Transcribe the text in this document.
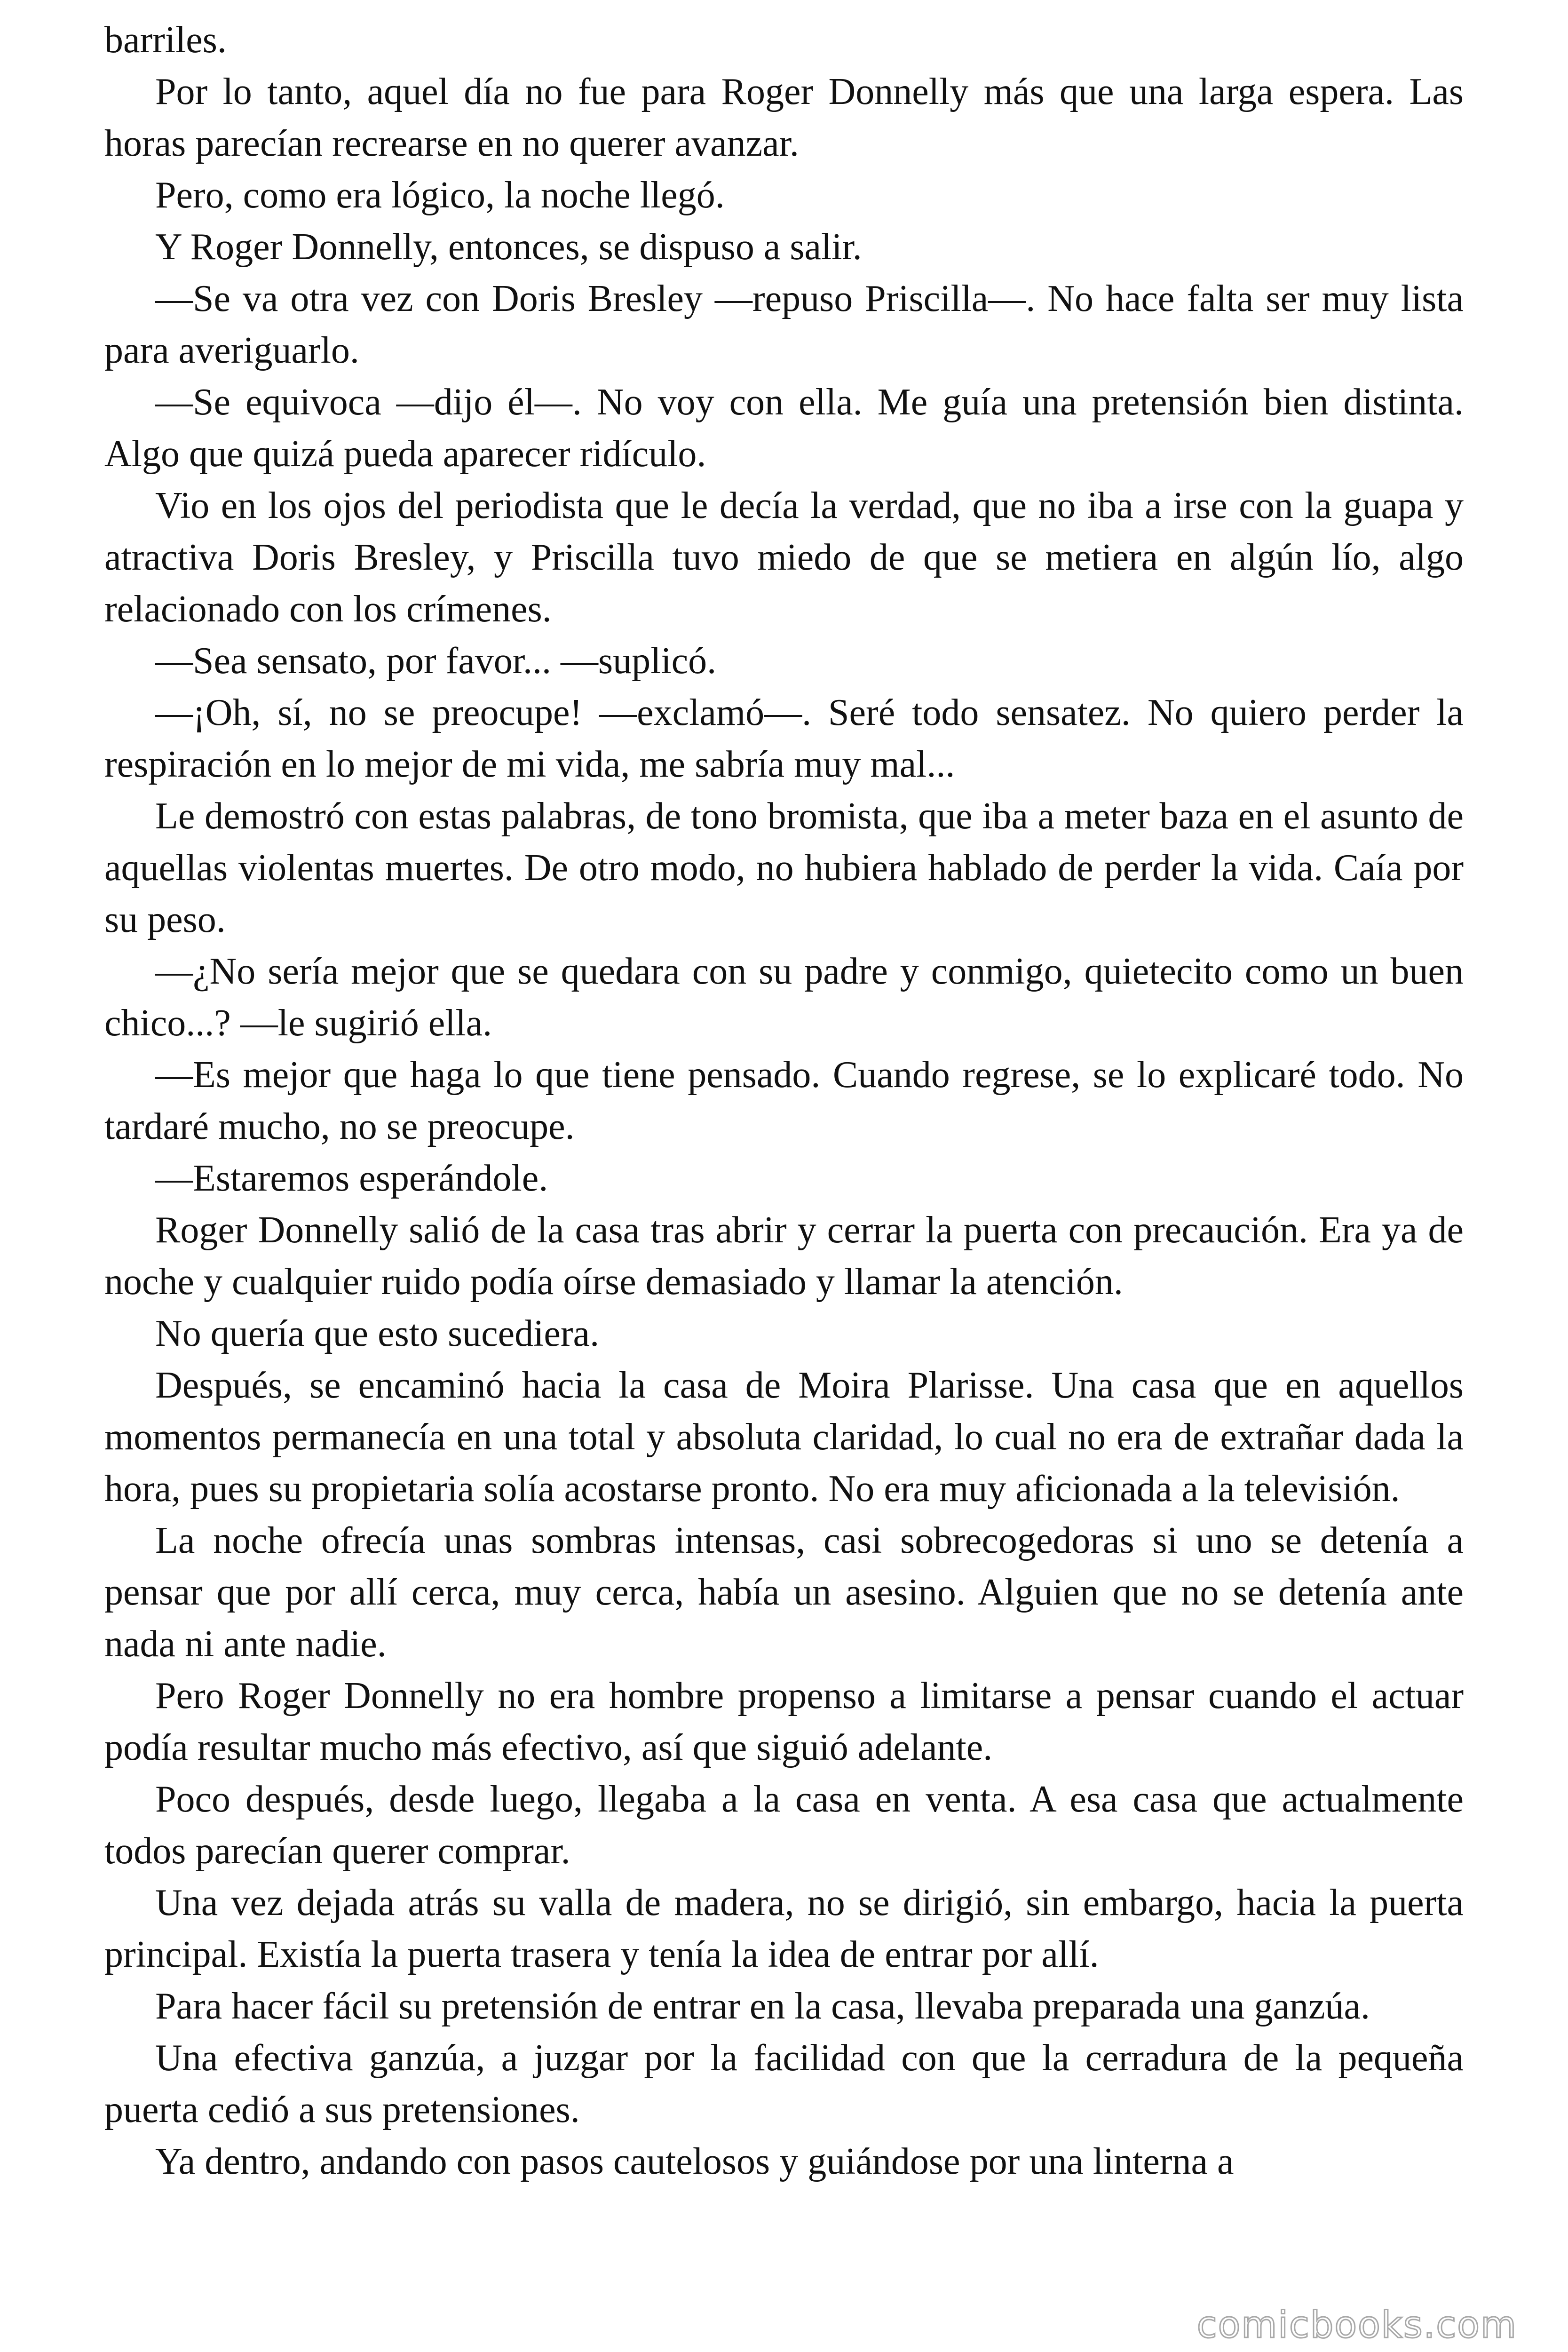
barriles.

Por lo tanto, aquel día no fue para Roger Donnelly más que una larga espera. Las horas parecían recrearse en no querer avanzar.

Pero, como era lógico, la noche llegó.

Y Roger Donnelly, entonces, se dispuso a salir.

—Se va otra vez con Doris Bresley —repuso Priscilla—. No hace falta ser muy lista para averiguarlo.

—Se equivoca —dijo él—. No voy con ella. Me guía una pretensión bien distinta. Algo que quizá pueda aparecer ridículo.

Vio en los ojos del periodista que le decía la verdad, que no iba a irse con la guapa y atractiva Doris Bresley, y Priscilla tuvo miedo de que se metiera en algún lío, algo relacionado con los crímenes.

—Sea sensato, por favor... —suplicó.

—¡Oh, sí, no se preocupe! —exclamó—. Seré todo sensatez. No quiero perder la respiración en lo mejor de mi vida, me sabría muy mal...

Le demostró con estas palabras, de tono bromista, que iba a meter baza en el asunto de aquellas violentas muertes. De otro modo, no hubiera hablado de perder la vida. Caía por su peso.

—¿No sería mejor que se quedara con su padre y conmigo, quietecito como un buen chico...? —le sugirió ella.

—Es mejor que haga lo que tiene pensado. Cuando regrese, se lo explicaré todo. No tardaré mucho, no se preocupe.

—Estaremos esperándole.

Roger Donnelly salió de la casa tras abrir y cerrar la puerta con precaución. Era ya de noche y cualquier ruido podía oírse demasiado y llamar la atención.

No quería que esto sucediera.

Después, se encaminó hacia la casa de Moira Plarisse. Una casa que en aquellos momentos permanecía en una total y absoluta claridad, lo cual no era de extrañar dada la hora, pues su propietaria solía acostarse pronto. No era muy aficionada a la televisión.

La noche ofrecía unas sombras intensas, casi sobrecogedoras si uno se detenía a pensar que por allí cerca, muy cerca, había un asesino. Alguien que no se detenía ante nada ni ante nadie.

Pero Roger Donnelly no era hombre propenso a limitarse a pensar cuando el actuar podía resultar mucho más efectivo, así que siguió adelante.

Poco después, desde luego, llegaba a la casa en venta. A esa casa que actualmente todos parecían querer comprar.

Una vez dejada atrás su valla de madera, no se dirigió, sin embargo, hacia la puerta principal. Existía la puerta trasera y tenía la idea de entrar por allí.

Para hacer fácil su pretensión de entrar en la casa, llevaba preparada una ganzúa.

Una efectiva ganzúa, a juzgar por la facilidad con que la cerradura de la pequeña puerta cedió a sus pretensiones.

Ya dentro, andando con pasos cautelosos y guiándose por una linterna a

comicbooks.com
